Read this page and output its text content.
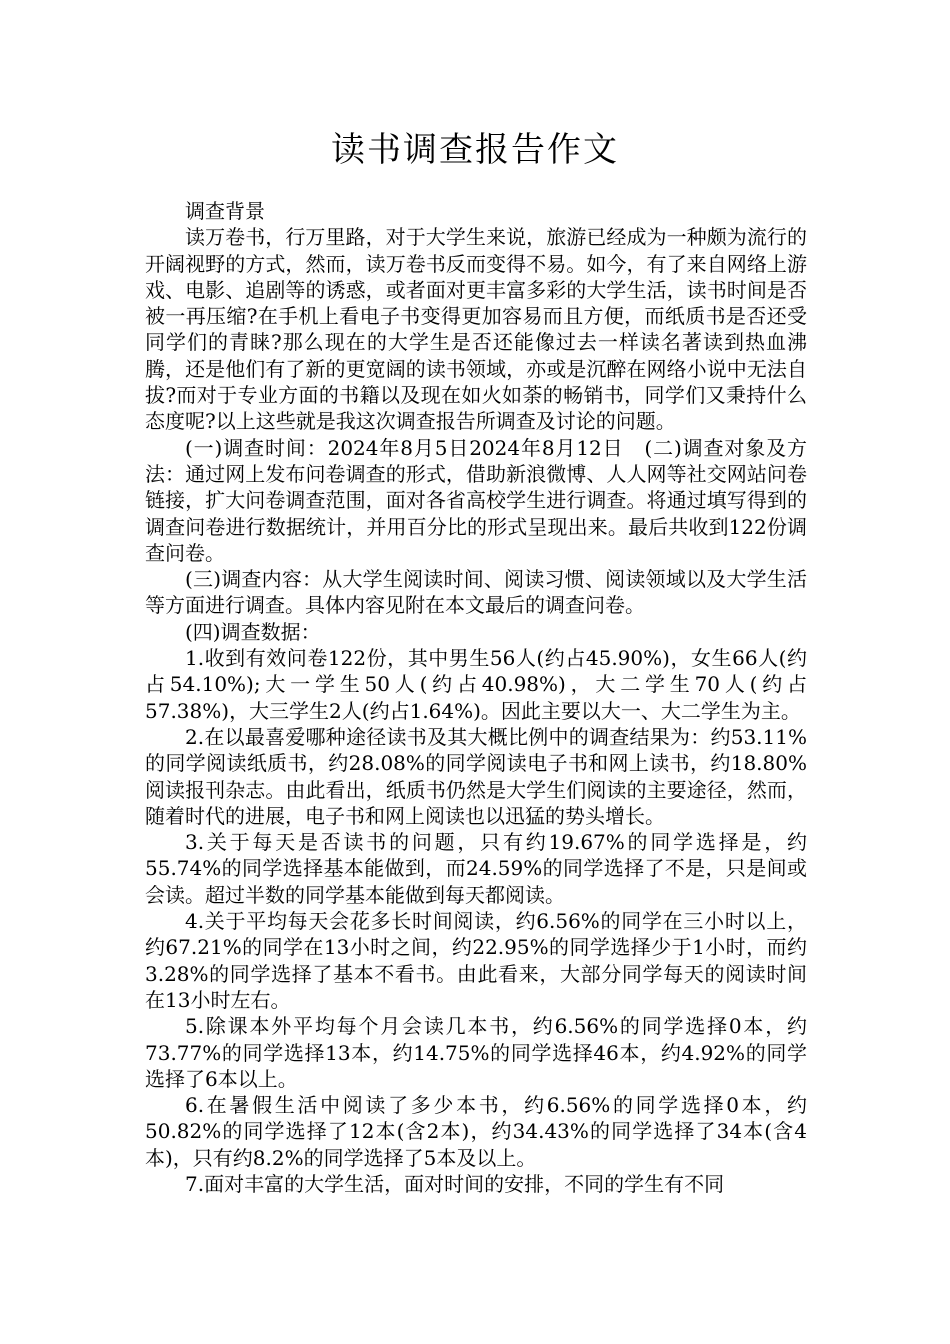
读书调查报告作文

调查背景

读万卷书，行万里路，对于大学生来说，旅游已经成为一种颇为流行的开阔视野的方式，然而，读万卷书反而变得不易。如今，有了来自网络上游戏、电影、追剧等的诱惑，或者面对更丰富多彩的大学生活，读书时间是否被一再压缩?在手机上看电子书变得更加容易而且方便，而纸质书是否还受同学们的青睐?那么现在的大学生是否还能像过去一样读名著读到热血沸腾，还是他们有了新的更宽阔的读书领域，亦或是沉醉在网络小说中无法自拔?而对于专业方面的书籍以及现在如火如荼的畅销书，同学们又秉持什么态度呢?以上这些就是我这次调查报告所调查及讨论的问题。

(一)调查时间：2024年8月5日2024年8月12日　(二)调查对象及方法：通过网上发布问卷调查的形式，借助新浪微博、人人网等社交网站问卷链接，扩大问卷调查范围，面对各省高校学生进行调查。将通过填写得到的调查问卷进行数据统计，并用百分比的形式呈现出来。最后共收到122份调查问卷。

(三)调查内容：从大学生阅读时间、阅读习惯、阅读领域以及大学生活等方面进行调查。具体内容见附在本文最后的调查问卷。

(四)调查数据：

1.收到有效问卷122份，其中男生56人(约占45.90%)，女生66人(约占54.10%);大一学生50人(约占40.98%)，大二学生70人(约占57.38%)，大三学生2人(约占1.64%)。因此主要以大一、大二学生为主。

2.在以最喜爱哪种途径读书及其大概比例中的调查结果为：约53.11%的同学阅读纸质书，约28.08%的同学阅读电子书和网上读书，约18.80%阅读报刊杂志。由此看出，纸质书仍然是大学生们阅读的主要途径，然而，随着时代的进展，电子书和网上阅读也以迅猛的势头增长。

3.关于每天是否读书的问题，只有约19.67%的同学选择是，约55.74%的同学选择基本能做到，而24.59%的同学选择了不是，只是间或会读。超过半数的同学基本能做到每天都阅读。

4.关于平均每天会花多长时间阅读，约6.56%的同学在三小时以上，约67.21%的同学在13小时之间，约22.95%的同学选择少于1小时，而约3.28%的同学选择了基本不看书。由此看来，大部分同学每天的阅读时间在13小时左右。

5.除课本外平均每个月会读几本书，约6.56%的同学选择0本，约73.77%的同学选择13本，约14.75%的同学选择46本，约4.92%的同学选择了6本以上。

6.在暑假生活中阅读了多少本书，约6.56%的同学选择0本，约50.82%的同学选择了12本(含2本)，约34.43%的同学选择了34本(含4本)，只有约8.2%的同学选择了5本及以上。

7.面对丰富的大学生活，面对时间的安排，不同的学生有不同
